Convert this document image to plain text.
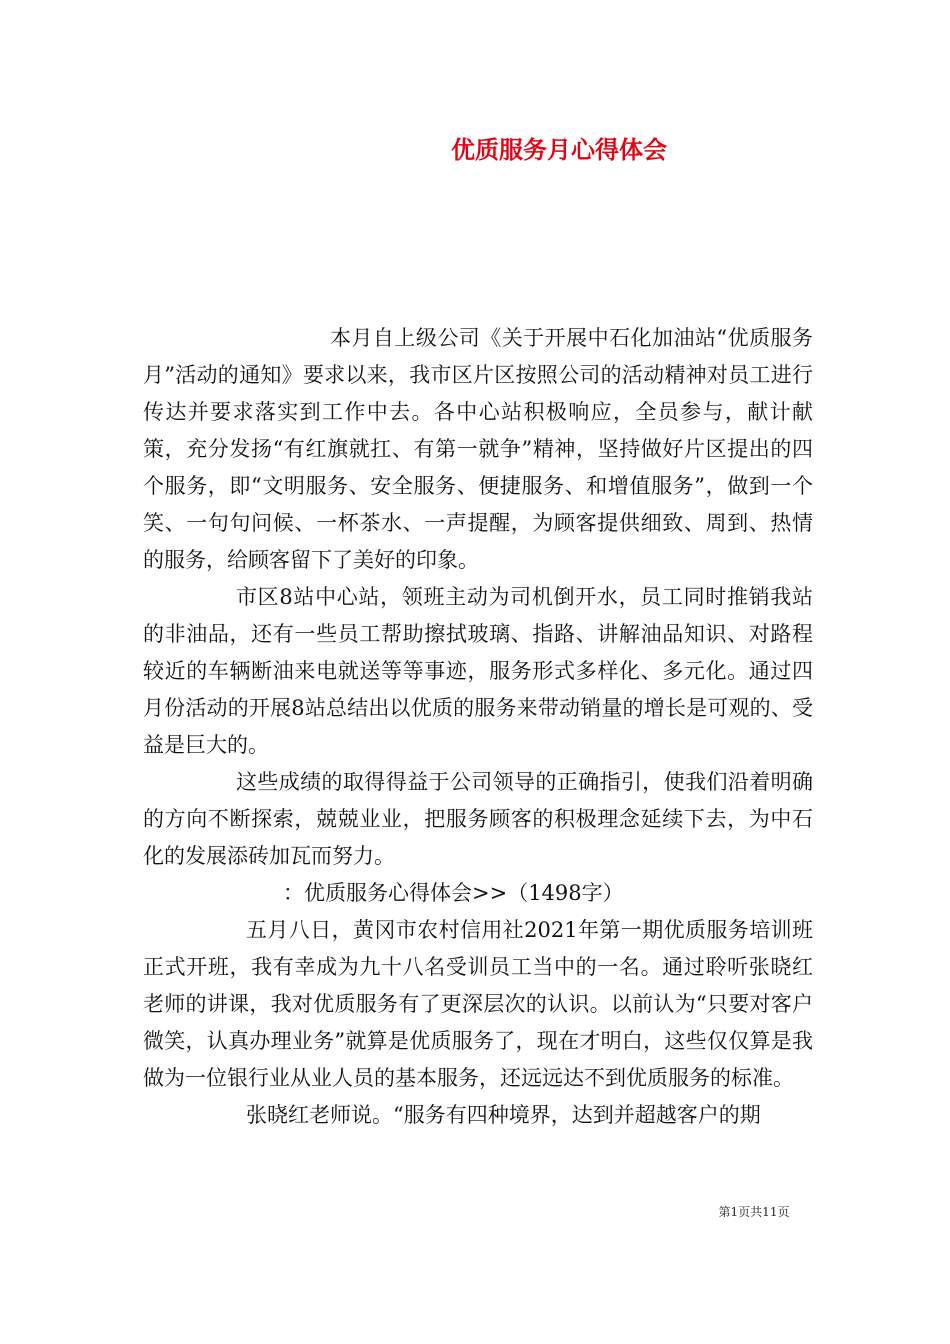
优质服务月心得体会

本月自上级公司《关于开展中石化加油站“优质服务月”活动的通知》要求以来，我市区片区按照公司的活动精神对员工进行传达并要求落实到工作中去。各中心站积极响应，全员参与，献计献策，充分发扬“有红旗就扛、有第一就争”精神，坚持做好片区提出的四个服务，即“文明服务、安全服务、便捷服务、和增值服务”，做到一个笑、一句句问候、一杯茶水、一声提醒，为顾客提供细致、周到、热情的服务，给顾客留下了美好的印象。

市区8站中心站，领班主动为司机倒开水，员工同时推销我站的非油品，还有一些员工帮助擦拭玻璃、指路、讲解油品知识、对路程较近的车辆断油来电就送等等事迹，服务形式多样化、多元化。通过四月份活动的开展8站总结出以优质的服务来带动销量的增长是可观的、受益是巨大的。

这些成绩的取得得益于公司领导的正确指引，使我们沿着明确的方向不断探索，兢兢业业，把服务顾客的积极理念延续下去，为中石化的发展添砖加瓦而努力。

：优质服务心得体会>>（1498字）

五月八日，黄冈市农村信用社2021年第一期优质服务培训班正式开班，我有幸成为九十八名受训员工当中的一名。通过聆听张晓红老师的讲课，我对优质服务有了更深层次的认识。以前认为“只要对客户微笑，认真办理业务”就算是优质服务了，现在才明白，这些仅仅算是我做为一位银行业从业人员的基本服务，还远远达不到优质服务的标准。

张晓红老师说。“服务有四种境界，达到并超越客户的期

第1页共11页
